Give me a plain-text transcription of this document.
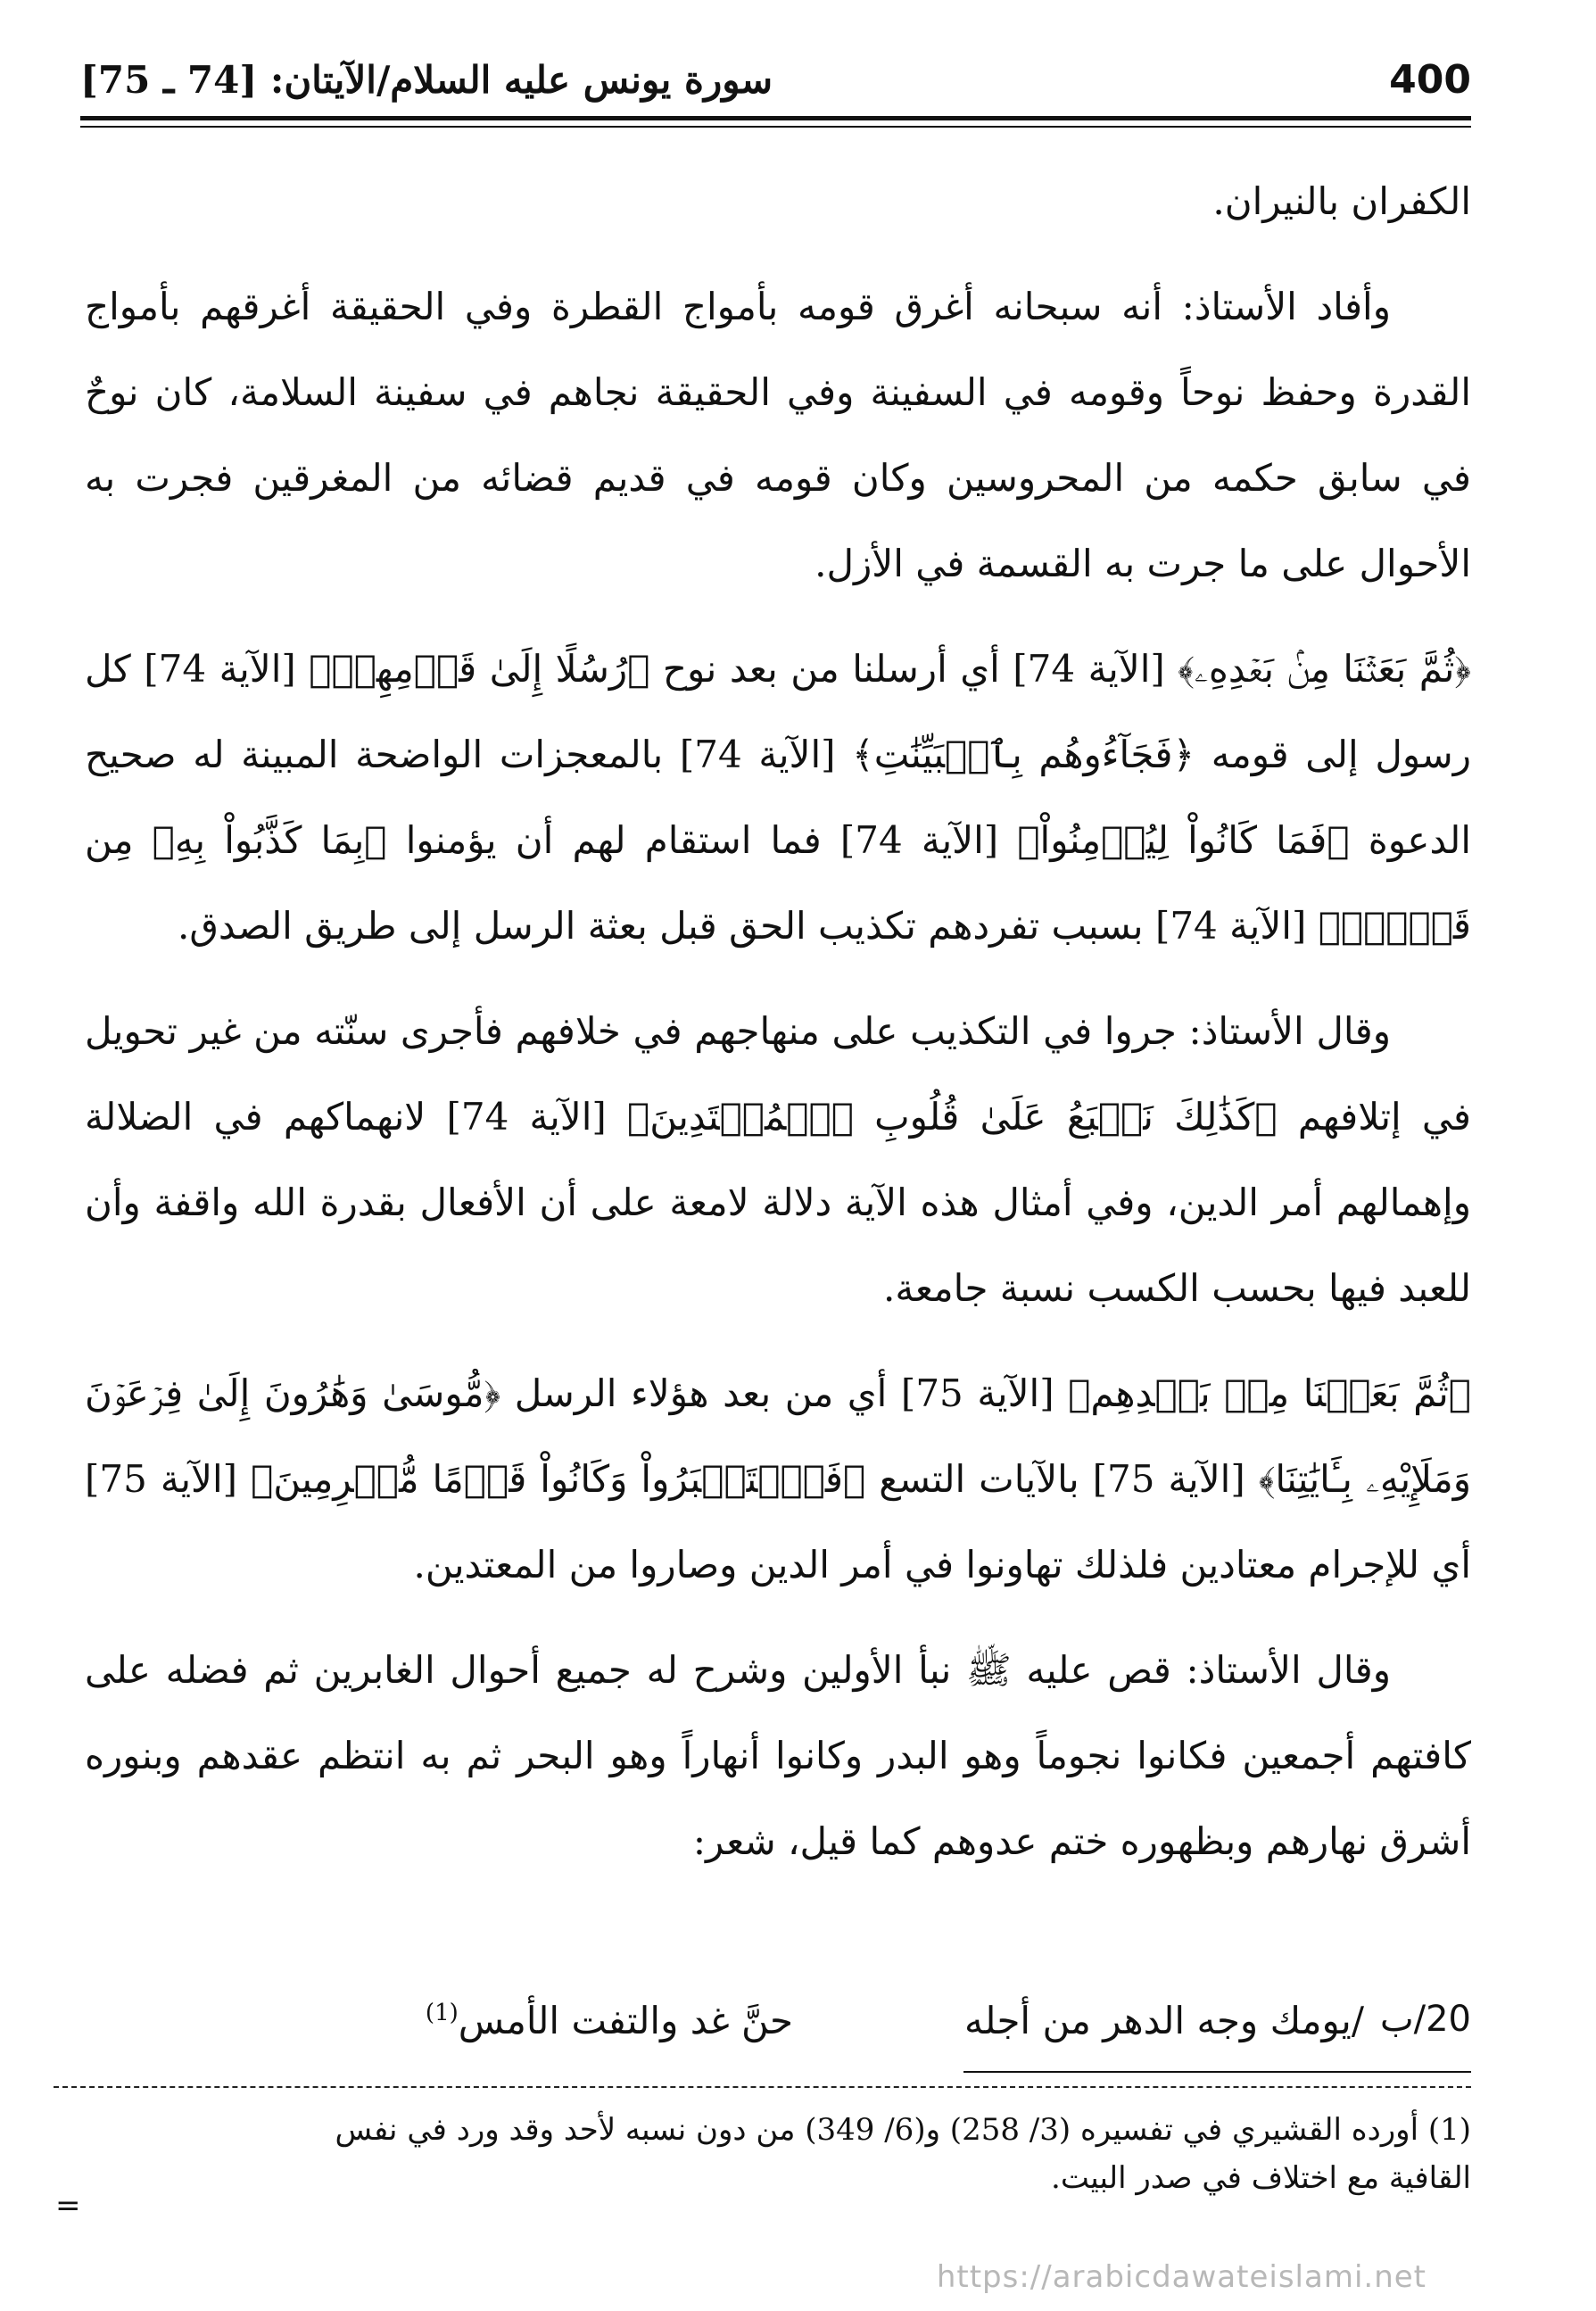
400
سورة يونس عليه السلام/الآيتان: [74 ـ 75]

الكفران بالنيران.

وأفاد الأستاذ: أنه سبحانه أغرق قومه بأمواج القطرة وفي الحقيقة أغرقهم بأمواج القدرة وحفظ نوحاً وقومه في السفينة وفي الحقيقة نجاهم في سفينة السلامة، كان نوحٌ في سابق حكمه من المحروسين وكان قومه في قديم قضائه من المغرقين فجرت به الأحوال على ما جرت به القسمة في الأزل.

﴿ثُمَّ بَعَثۡنَا مِنۢ بَعۡدِهِۦ﴾ [الآية 74] أي أرسلنا من بعد نوح ﴿رُسُلًا إِلَىٰ قَوۡمِهِمۡ﴾ [الآية 74] كل رسول إلى قومه ﴿فَجَآءُوهُم بِٱلۡبَيِّنَٰتِ﴾ [الآية 74] بالمعجزات الواضحة المبينة له صحيح الدعوة ﴿فَمَا كَانُواْ لِيُؤۡمِنُواْ﴾ [الآية 74] فما استقام لهم أن يؤمنوا ﴿بِمَا كَذَّبُواْ بِهِۦ مِن قَبۡلُۚ﴾ [الآية 74] بسبب تفردهم تكذيب الحق قبل بعثة الرسل إلى طريق الصدق.

وقال الأستاذ: جروا في التكذيب على منهاجهم في خلافهم فأجرى سنّته من غير تحويل في إتلافهم ﴿كَذَٰلِكَ نَطۡبَعُ عَلَىٰ قُلُوبِ ٱلۡمُعۡتَدِينَ﴾ [الآية 74] لانهماكهم في الضلالة وإهمالهم أمر الدين، وفي أمثال هذه الآية دلالة لامعة على أن الأفعال بقدرة الله واقفة وأن للعبد فيها بحسب الكسب نسبة جامعة.

﴿ثُمَّ بَعَثۡنَا مِنۢ بَعۡدِهِم﴾ [الآية 75] أي من بعد هؤلاء الرسل ﴿مُّوسَىٰ وَهَٰرُونَ إِلَىٰ فِرۡعَوۡنَ وَمَلَإِيْهِۦ بِـَٔايَٰتِنَا﴾ [الآية 75] بالآيات التسع ﴿فَٱسۡتَكۡبَرُواْ وَكَانُواْ قَوۡمًا مُّجۡرِمِينَ﴾ [الآية 75] أي للإجرام معتادين فلذلك تهاونوا في أمر الدين وصاروا من المعتدين.

وقال الأستاذ: قص عليه ﷺ نبأ الأولين وشرح له جميع أحوال الغابرين ثم فضله على كافتهم أجمعين فكانوا نجوماً وهو البدر وكانوا أنهاراً وهو البحر ثم به انتظم عقدهم وبنوره أشرق نهارهم وبظهوره ختم عدوهم كما قيل، شعر:

20/ب
/يومك وجه الدهر من أجله
حنَّ غد والتفت الأمس$^{(1)}$

(1) أورده القشيري في تفسيره (3/ 258) و(6/ 349) من دون نسبه لأحد وقد ورد في نفس

القافية مع اختلاف في صدر البيت.

=
https://arabicdawateislami.net
